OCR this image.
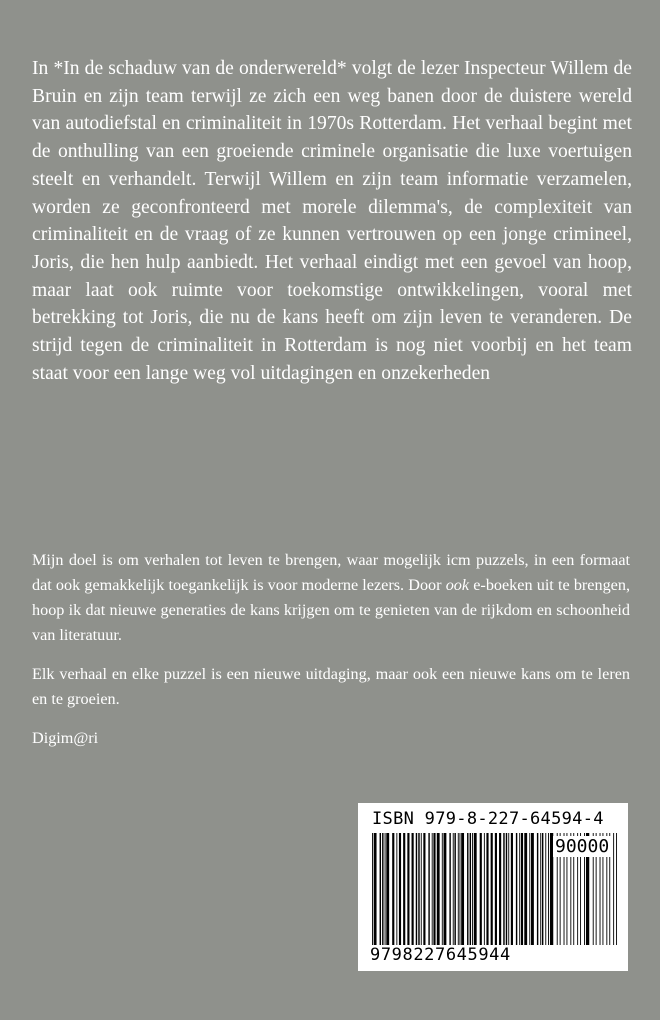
In *In de schaduw van de onderwereld* volgt de lezer Inspecteur Willem de Bruin en zijn team terwijl ze zich een weg banen door de duistere wereld van autodiefstal en criminaliteit in 1970s Rotterdam. Het verhaal begint met de onthulling van een groeiende criminele organisatie die luxe voertuigen steelt en verhandelt. Terwijl Willem en zijn team informatie verzamelen, worden ze geconfronteerd met morele dilemma's, de complexiteit van criminaliteit en de vraag of ze kunnen vertrouwen op een jonge crimineel, Joris, die hen hulp aanbiedt. Het verhaal eindigt met een gevoel van hoop, maar laat ook ruimte voor toekomstige ontwikkelingen, vooral met betrekking tot Joris, die nu de kans heeft om zijn leven te veranderen. De strijd tegen de criminaliteit in Rotterdam is nog niet voorbij en het team staat voor een lange weg vol uitdagingen en onzekerheden

Mijn doel is om verhalen tot leven te brengen, waar mogelijk icm puzzels, in een formaat dat ook gemakkelijk toegankelijk is voor moderne lezers. Door ook e-boeken uit te brengen, hoop ik dat nieuwe generaties de kans krijgen om te genieten van de rijkdom en schoonheid van literatuur.

Elk verhaal en elke puzzel is een nieuwe uitdaging, maar ook een nieuwe kans om te leren en te groeien.

Digim@ri

ISBN 979-8-227-64594-4
90000
9798227645944
